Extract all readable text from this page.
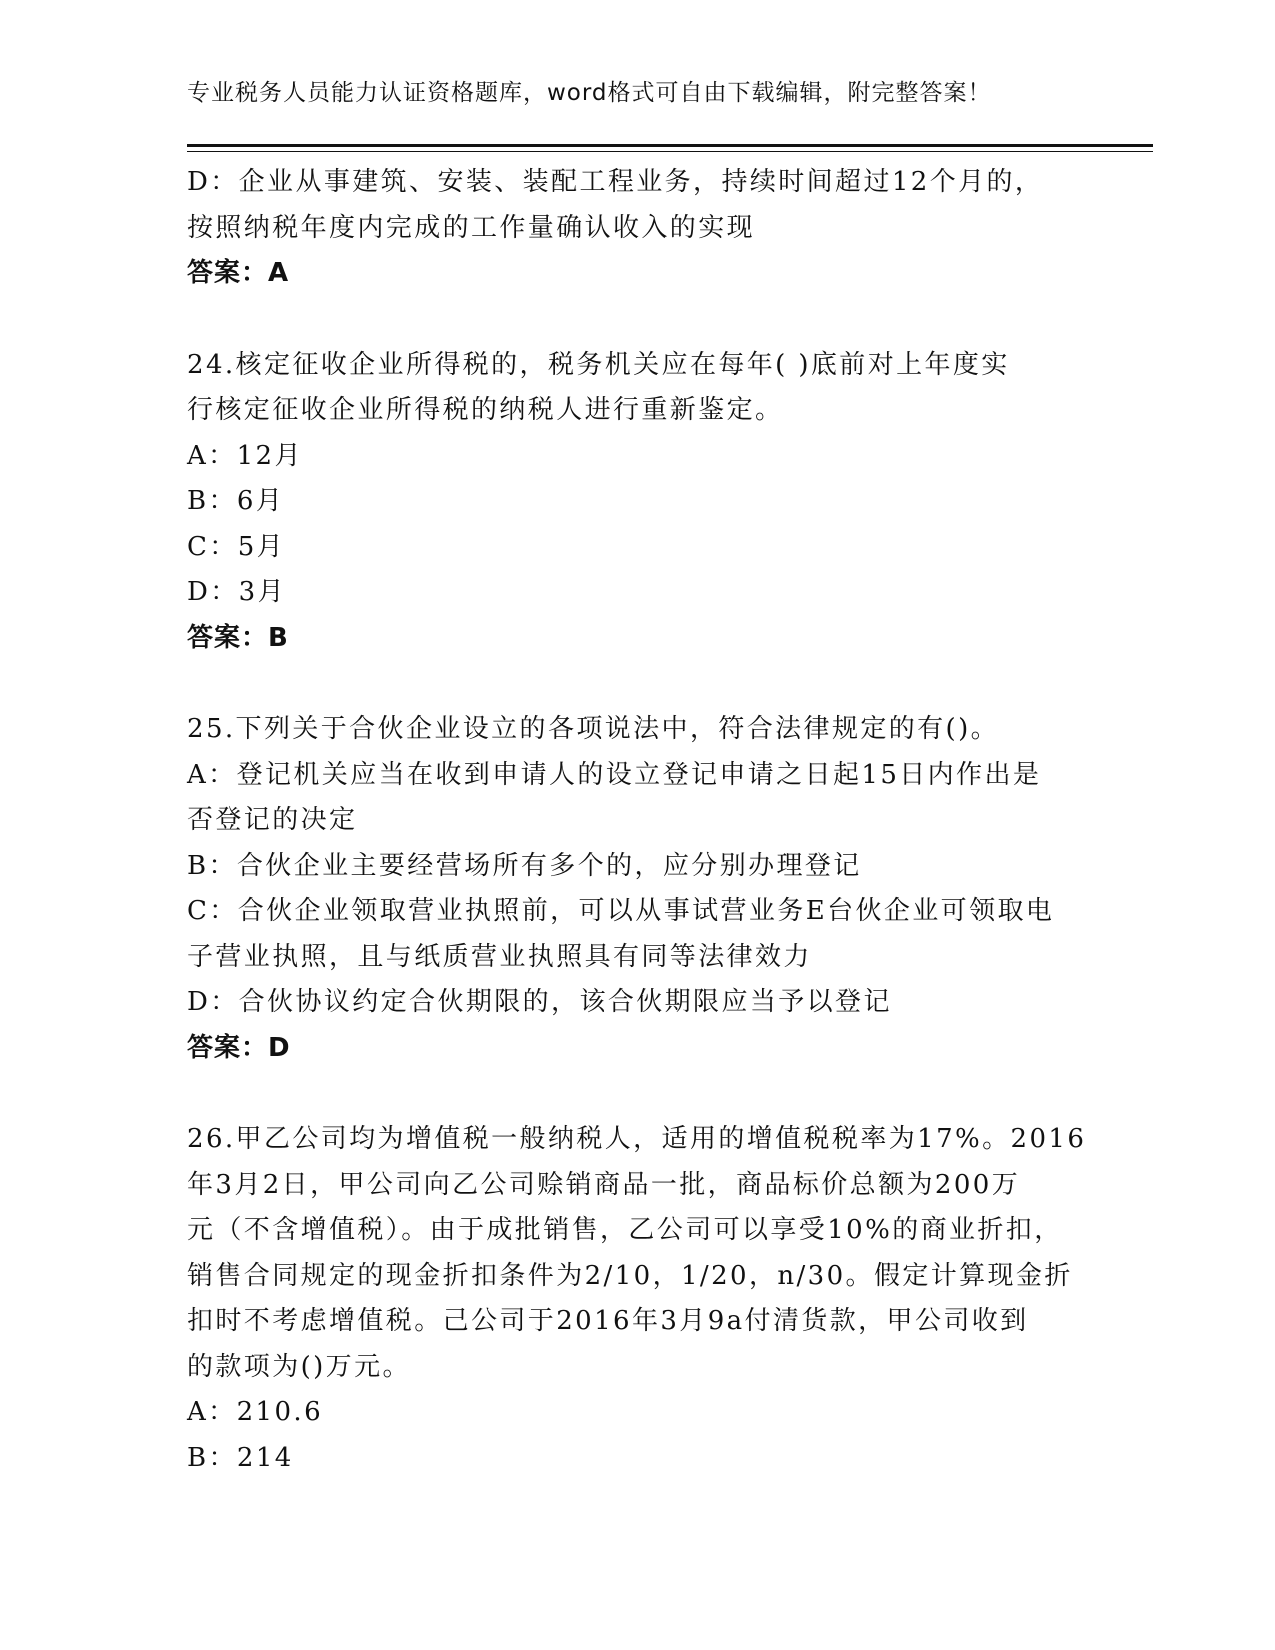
专业税务人员能力认证资格题库，word格式可自由下载编辑，附完整答案！
D：企业从事建筑、安装、装配工程业务，持续时间超过12个月的，
按照纳税年度内完成的工作量确认收入的实现
答案：A
24.核定征收企业所得税的，税务机关应在每年( )底前对上年度实
行核定征收企业所得税的纳税人进行重新鉴定。
A：12月
B：6月
C：5月
D：3月
答案：B
25.下列关于合伙企业设立的各项说法中，符合法律规定的有()。
A：登记机关应当在收到申请人的设立登记申请之日起15日内作出是
否登记的决定
B：合伙企业主要经营场所有多个的，应分别办理登记
C：合伙企业领取营业执照前，可以从事试营业务E台伙企业可领取电
子营业执照，且与纸质营业执照具有同等法律效力
D：合伙协议约定合伙期限的，该合伙期限应当予以登记
答案：D
26.甲乙公司均为增值税一般纳税人，适用的增值税税率为17%。2016
年3月2日，甲公司向乙公司赊销商品一批，商品标价总额为200万
元（不含增值税）。由于成批销售，乙公司可以享受10%的商业折扣，
销售合同规定的现金折扣条件为2/10，1/20，n/30。假定计算现金折
扣时不考虑增值税。己公司于2016年3月9a付清货款，甲公司收到
的款项为()万元。
A：210.6
B：214
